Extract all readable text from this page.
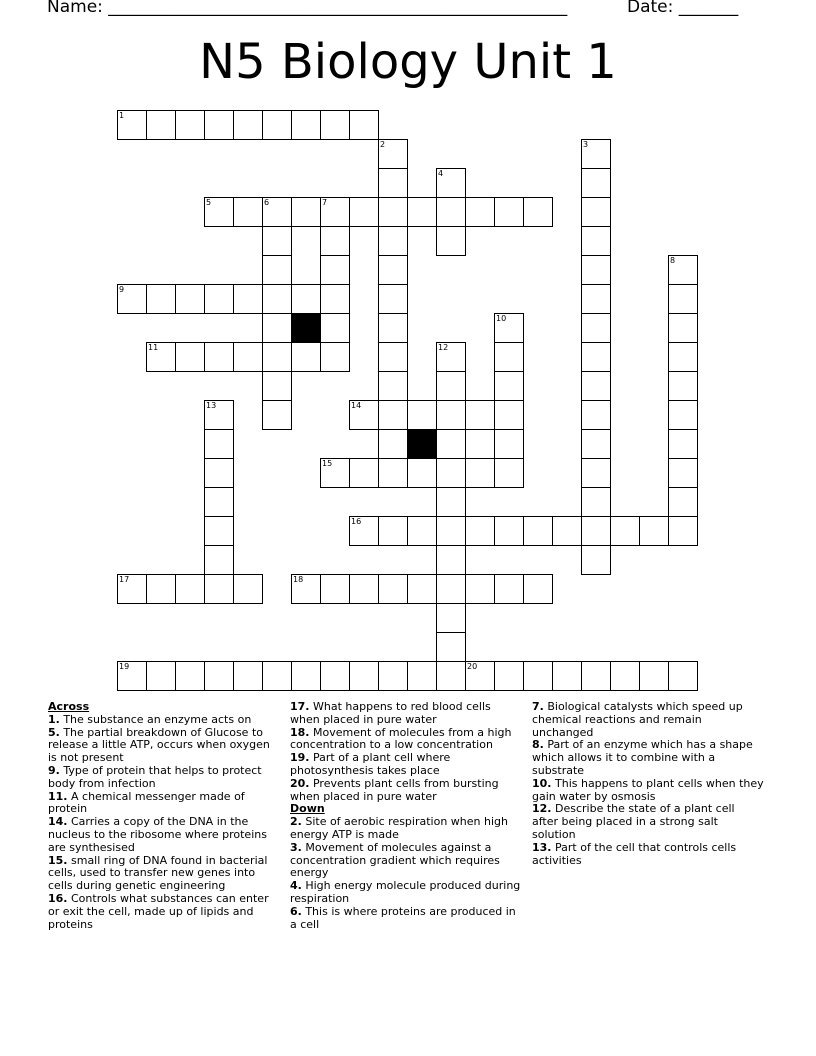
Name: ______________________________________________________	Date: _______
N5 Biology Unit 1
1
5	6	7
9
11
14
15
16
17	18
19	20
2	3
4
8
10
12
13
Across
1. The substance an enzyme acts on
5. The partial breakdown of Glucose to release a little ATP, occurs when oxygen is not present
9. Type of protein that helps to protect body from infection
11. A chemical messenger made of protein
14. Carries a copy of the DNA in the nucleus to the ribosome where proteins are synthesised
15. small ring of DNA found in bacterial cells, used to transfer new genes into cells during genetic engineering
16. Controls what substances can enter or exit the cell, made up of lipids and proteins
17. What happens to red blood cells when placed in pure water
18. Movement of molecules from a high concentration to a low concentration
19. Part of a plant cell where photosynthesis takes place
20. Prevents plant cells from bursting when placed in pure water
Down
2. Site of aerobic respiration when high energy ATP is made
3. Movement of molecules against a concentration gradient which requires energy
4. High energy molecule produced during respiration
6. This is where proteins are produced in a cell
7. Biological catalysts which speed up chemical reactions and remain unchanged
8. Part of an enzyme which has a shape which allows it to combine with a substrate
10. This happens to plant cells when they gain water by osmosis
12. Describe the state of a plant cell after being placed in a strong salt solution
13. Part of the cell that controls cells activities
